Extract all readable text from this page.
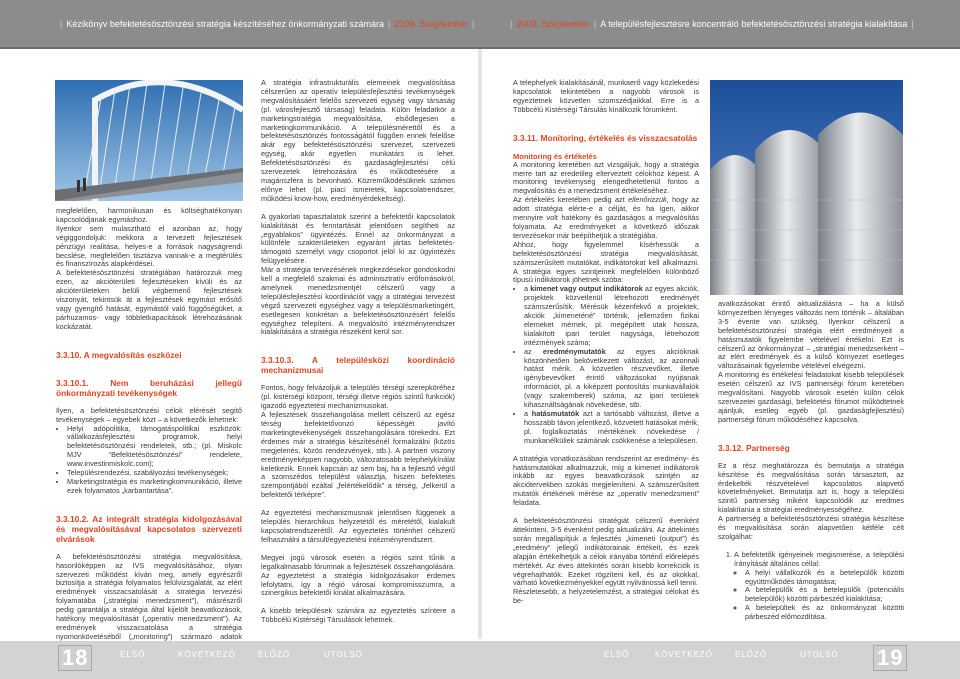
| Kézikönyv befektetésösztönzési stratégia készítéséhez önkormányzati számára | 2009. Szeptember |	| 2009. Szeptember | A településfejlesztésre koncentráló befektetésösztönzési stratégia kialakítása |

megfelelően, harmonikusan és költséghatékonyan kapcsolódjanak egymáshoz.

Ilyenkor sem mulasztható el azonban az, hogy végiggondoljuk: mekkora a tervezett fejlesztések pénzügyi realitása, helyes-e a források nagyságrendi becslése, megfelelően tisztázva vannak-e a megtérülés és finanszírozás alapkérdései.

A befektetésösztönzési stratégiában határozzuk meg ezen, az akcióterületi fejlesztéseken kívüli és az akcióterületeken belüli végbemenő fejlesztések viszonyát, tekintsük át a fejlesztések egymást erősítő vagy gyengítő hatását, egymástól való függőségüket, a párhuzamos- vagy többletkapacitások létrehozásának kockázatát.

3.3.10. A megvalósítás eszközei
3.3.10.1. Nem beruházási jellegű önkormányzati tevékenységek

Ilyen, a befektetésösztönzési célok elérését segítő tevékenységek – egyebek közt – a következők lehetnek:

• Helyi adópolitika, támogatáspolitikai eszközök: vállalkozásfejlesztési programok, helyi befektetésösztönzési rendeletek, stb.; (pl. Miskolc MJV “Befektetésösztönzési” rendelete, www.investinmiskolc.com);
• Településrendezési, szabályozási tevékenységek;
• Marketingstratégia és marketingkommunikáció, illetve ezek folyamatos „karbantartása”.
3.3.10.2. Az integrált stratégia kidolgozásával és megvalósításával kapcsolatos szervezeti elvárások

A befektetésösztönzési stratégia megvalósítása, hasonlóképpen az IVS megvalósításához, olyan szervezeti működést kíván meg, amely egyrészről biztosítja a stratégia folyamatos felülvizsgálatát, az elért eredmények visszacsatolását a stratégia tervezési folyamatába („stratégiai menedzsment”), másrészről pedig garantálja a stratégia által kijelölt beavatkozások, hatékony megvalósítását („operatív menedzsment”). Az eredmények visszacsatolása a stratégia nyomonkövetéséből („monitoring”) származó adatok

A stratégia infrastrukturális elemeinek megvalósítása célszerűen az operatív településfejlesztési tevékenységek megvalósításáért felelős szervezeti egység vagy társaság (pl. városfejlesztő társaság) feladata. Külön feladatkör a marketingstratégia megvalósítása, elsődlegesen a marketingkommunikáció. A településmérettől és a befektetésösztönzés fontosságától függően ennek felelőse akár egy befektetésösztönzési szervezet, szervezeti egység, akár egyetlen munkatárs is lehet. Befektetésösztönzési és gazdaságfejlesztési célú szervezetek létrehozására és működtetésére a magánszféra is bevonható. Közreműködésüknek számos előnye lehet (pl. piaci ismeretek, kapcsolatrendszer, működési know-how, eredményérdekeltség).

A gyakorlati tapasztalatok szerint a befektetői kapcsolatok kialakítását és fenntartását jelentősen segítheti az „egyablakos” ügyintézés. Ennél az önkormányzat a különféle szakterületeken egyaránt jártas befektetés-támogató személyt vagy csoportot jelöl ki az ügyintézés felügyelésére.

Már a stratégia tervezésének megkezdésekor gondoskodni kell a megfelelő szakmai és adminisztratív erőforrásokról, amelynek menedzsmentjét célszerű vagy a településfejlesztési koordinációt vagy a stratégiai tervezést végző szervezeti egységhez vagy a településmarketingért, esetlegesen konkrétan a befektetésösztönzésért felelős egységhez telepíteni. A megvalósító intézményrendszer kialakítására a stratégia részeként kerül sor.

3.3.10.3. A településközi koordináció mechanizmusai

Fontos, hogy felvázoljuk a település térségi szerepköréhez (pl. kistérségi központ, térségi illetve régiós szintű funkciók) igazodó egyeztetési mechanizmusokat.

A fejlesztések összehangolása mellett célszerű az egész térség befektetővonzó képességét javító marketingtevékenységek összehangolására törekedni. Ezt érdemes már a stratégia készítésénél formalizálni (közös megjelenés, közös rendezvények, stb.). A partneri viszony eredményeképpen nagyobb, változatosabb telephelykínálat keletkezik. Ennek kapcsán az sem baj, ha a fejlesztő végül a szomszédos települést választja, hiszen befektetés szempontjából ezáltal „felértékelődik” a térség, „felkerül a befektetői térképre”.

Az egyeztetési mechanizmusnak jelentősen függenek a település hierarchikus helyzetétől és méretétől, kialakult kapcsolatrendszerétől. Az egyeztetés történhet célszerű felhasználni a társult/egyeztetési intézményrendszert.

Megyei jogú városok esetén a régiós szint tűnik a legalkalmasabb fórumnak a fejlesztések összehangolására. Az egyeztetést a stratégia kidolgozásakor érdemes lefolytatni, így a régió városai kompromisszumra, a szinergikus befektetői kínálat alkalmazására.

A kisebb települések számára az egyeztetés színtere a Többcélú Kistérségi Társulások lehetnek.

A telephelyek kialakításánál, munkaerő vagy közlekedési kapcsolatok tekintetében a nagyobb városok is egyeztetnek közvetlen szomszédjaikkal. Erre is a Többcélú Kistérségi Társulás kínálkozik fórumként.

3.3.11. Monitoring, értékelés és visszacsatolás
Monitoring és értékelés

A monitoring keretében azt vizsgáljuk, hogy a stratégia merre tart az eredetileg elterveztett célokhoz képest. A monitoring tevékenység elengedhetetlenül fontos a megvalósítás és a menedzsment értékeléséhez.

Az értékelés keretében pedig azt ellenőrizzük, hogy az adott stratégia elérte-e a célját, és ha igen, akkor mennyire volt hatékony és gazdaságos a megvalósítás folyamata. Az eredményeket a következő időszak tervezésekor már beépíthetjük a stratégiába.

Ahhoz, hogy figyelemmel kísérhessük a befektetésösztönzési stratégia megvalósítását, számszerűsített mutatókat, indikátorokat kell alkalmazni. A stratégia egyes szintjeinek megfelelően különböző típusú indikátorok jöhetnek szóba:

• a kimenet vagy output indikátorok az egyes akciók, projektek közvetlenül létrehozott eredményét számszerűsítik. Mérésük kézenfekvő a projektek, akciók „kimeneténé” történik, jellemzően fizikai elemeket mérnek, pl. megépített utak hossza, kialakított ipari terület nagysága, létrehozott intézmények száma;
• az eredménymutatók az egyes akcióknak köszönhetően bekövetkezett változást, az azonnali hatást mérik. A közvetlen részvevőket, illetve igénybevevőket érintő változásokat nyújtanak információt, pl. a kiképzett pontosítás munkavállalók (vagy szakemberek) száma, az ipari területek kihasználtságának növekedése, stb.
• a hatásmutatók azt a tartósabb változást, illetve a hosszabb távon jelentkező, közvetett hatásokat mérik, pl. foglalkoztatás mértékének növekedése / munkanélküliek számának csökkenése a településen.

A stratégia vonatkozásában rendszerint az eredmény- és hatásmutatókat alkalmazzuk, míg a kimenet indikátorok inkább az egyes beavatkozások szintjén az akciótervekben szokás megjeleníteni. A számszerűsített mutatók értékének mérése az „operatív menedzsment” feladata.

A befektetésösztönzési stratégiát célszerű évenként áttekinteni, 3-5 évenként pedig aktualizálni. Az áttekintés során megállapítjuk a fejlesztés „kimeneti (output”) és „eredmény” jellegű indikátorainak értékeit, és ezek alapján értékelhetjük a célok irányába történő előrelépés mértékét. Az éves áttekintés során kisebb korrekciók is végrehajthatók. Ezeket rögzíteni kell, és az okokkal, várható következményekkel együtt nyilvánossá kell tenni.

Részletesebb, a helyzetelemzést, a stratégiai célokat és be-

avatkozásokat érintő aktualizálásra – ha a külső környezetben lényeges változás nem történik – általában 3-5 évente van szükség. Ilyenkor célszerű a befektetésösztönzési stratégia elért eredményeit a hatásmutatók figyelembe vételével értékelni. Ezt is célszerű az önkormányzat – „stratégiai menedzserként – az elért eredmények és a külső környezet esetleges változásainak figyelembe vételével elvégezni.

A monitoring és értékelési feladatokat kisebb települések esetén célszerű az IVS partnerségi fórum keretében megvalósítani. Nagyobb városok esetén külön célok szervezetei gazdasági, befektetési fórumot működtetnek ajánljuk, esetleg egyéb (pl. gazdaságfejlesztési) partnerségi fórum működéséhez kapcsolva.

3.3.12. Partnerség

Ez a rész meghatározza és bemutatja a stratégia készítése és megvalósítása során társasztott, az érdekelték részvételével kapcsolatos alapvető követelményeket. Bemutatja azt is, hogy a települési szintű partnerség miként kapcsolódik az eredmes kialakítania a stratégiai eredményességéhez.

A partnerség a befektetésösztönzési stratégia készítése és megvalósítása során alapvetően kétféle célt szolgálhat:

1. A befektetők igényeinek megismerése, a települési írányítását általános céllal:
◦ A helyi vállalkozók és a betelepülők közötti együttműködés támogatása;
◦ A betelepülők és a betelepülők (potenciális betelepülők) közötti párbeszéd kialakítása;
◦ A betelepültek és az önkormányzat közötti párbeszéd előmozdítása.
18	ELSŐ	KÖVETKEZŐ	ELŐZŐ	UTOLSÓ	ELSŐ	KÖVETKEZŐ	ELŐZŐ	UTOLSÓ 19
